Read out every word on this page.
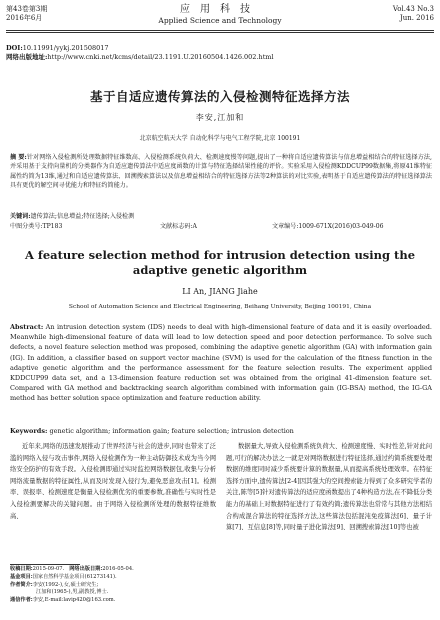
第43卷第3期
2016年6月
应用科技
Applied Science and Technology
Vol.43 No.3
Jun. 2016
DOI:10.11991/yykj.201508017
网络出版地址:http://www.cnki.net/kcms/detail/23.1191.U.20160504.1426.002.html
基于自适应遗传算法的入侵检测特征选择方法
李安,江加和
北京航空航天大学 自动化科学与电气工程学院,北京 100191
摘 要:针对网络入侵检测所处理数据特征维数高、入侵检测系统负荷大、检测速度慢等问题,提出了一种将自适应遗传算法与信息增益相结合的特征选择方法,并采用基于支持向量机的分类器作为自适应遗传算法中适应度函数的计算与特征选择结果性能的评价。实验采用入侵检测KDDCUP99数据集,将原41维特征属性约简为13维,通过和自适应遗传算法、回溯搜索算法以及信息增益相结合的特征选择方法等2种算法的对比实验,表明基于自适应遗传算法的特征选择算法具有更优的解空间寻优能力和特征约简能力。
关键词:遗传算法;信息增益;特征选择;入侵检测
中图分类号:TP183	文献标志码:A	文章编号:1009-671X(2016)03-049-06
A feature selection method for intrusion detection using the adaptive genetic algorithm
LI An, JIANG Jiahe
School of Automation Science and Electrical Engineering, Beihang University, Beijing 100191, China
Abstract: An intrusion detection system (IDS) needs to deal with high-dimensional feature of data and it is easily overloaded. Meanwhile high-dimensional feature of data will lead to low detection speed and poor detection performance. To solve such defects, a novel feature selection method was proposed, combining the adaptive genetic algorithm (GA) with information gain (IG). In addition, a classifier based on support vector machine (SVM) is used for the calculation of the fitness function in the adaptive genetic algorithm and the performance assessment for the feature selection results. The experiment applied KDDCUP99 data set, and a 13-dimension feature reduction set was obtained from the original 41-dimension feature set. Compared with GA method and backtracking search algorithm combined with information gain (IG-BSA) method, the IG-GA method has better solution space optimization and feature reduction ability.
Keywords: genetic algorithm; information gain; feature selection; intrusion detection

近年来,网络的迅速发展推动了世界经济与社会的进步,同时也带来了泛滥的网络入侵与攻击事件,网络入侵检测作为一种主动防御技术成为当今网络安全防护的有效手段。入侵检测即通过实时监控网络数据包,收集与分析网络流量数据的特征属性,从而及时发现入侵行为,避免恶意攻击[1]。检测率、误报率、检测速度是衡量入侵检测优劣的重要参数,准确性与实时性是入侵检测要解决的关键问题。由于网络入侵检测所处理的数据特征维数高、

数据量大,导致入侵检测系统负荷大、检测速度慢、实时性差,针对此问题,可行的解决办法之一就是对网络数据进行特征选择,通过约简系统要处理数据的维度同时减少系统要计算的数据量,从而提高系统处理效率。在特征选择方面中,遗传算法[2-4]因其强大的空间搜索能力得到了众多研究学者的关注,陈等[5]针对遗传算法的适应度函数提出了4种构造方法,在不降低分类能力的基础上对数据特征进行了有效约简;遗传算法也常常与其他方法相结合构成混合算法的特征选择方法,这些算法包括混沌免疫算法[6]、量子计算[7]、互信息[8]等,同时量子进化算法[9]、回溯搜索算法[10]等也被

收稿日期:2015-09-07. 网络出版日期:2016-05-04.
基金项目:国家自然科学基金项目(61273141).
作者简介:李安(1992-),女,硕士研究生;
江加和(1965-),男,副教授,博士.
通信作者:李安,E-mail:lavip420@163.com.
